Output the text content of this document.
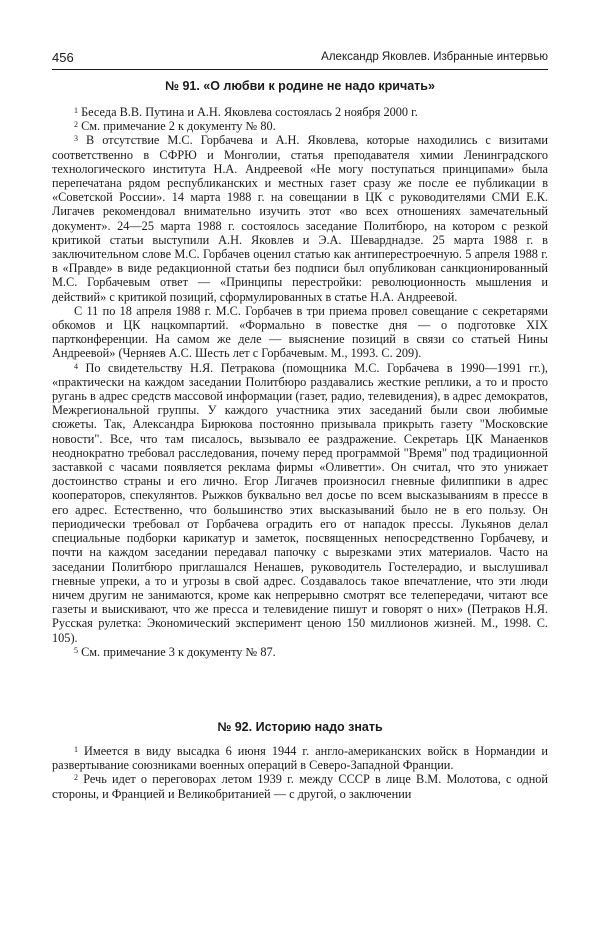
456	Александр Яковлев. Избранные интервью
№ 91. «О любви к родине не надо кричать»

$^1$ Беседа В.В. Путина и А.Н. Яковлева состоялась 2 ноября 2000 г.

$^2$ См. примечание 2 к документу № 80.

$^3$ В отсутствие М.С. Горбачева и А.Н. Яковлева, которые находились с визитами соответственно в СФРЮ и Монголии, статья преподавателя химии Ленинградского технологического института Н.А. Андреевой «Не могу поступаться принципами» была перепечатана рядом республиканских и местных газет сразу же после ее публикации в «Советской России». 14 марта 1988 г. на совещании в ЦК с руководителями СМИ Е.К. Лигачев рекомендовал внимательно изучить этот «во всех отношениях замечательный документ». 24—25 марта 1988 г. состоялось заседание Политбюро, на котором с резкой критикой статьи выступили А.Н. Яковлев и Э.А. Шеварднадзе. 25 марта 1988 г. в заключительном слове М.С. Горбачев оценил статью как антиперестроечную. 5 апреля 1988 г. в «Правде» в виде редакционной статьи без подписи был опубликован санкционированный М.С. Горбачевым ответ — «Принципы перестройки: революционность мышления и действий» с критикой позиций, сформулированных в статье Н.А. Андреевой.

С 11 по 18 апреля 1988 г. М.С. Горбачев в три приема провел совещание с секретарями обкомов и ЦК нацкомпартий. «Формально в повестке дня — о подготовке XIX партконференции. На самом же деле — выяснение позиций в связи со статьей Нины Андреевой» (Черняев А.С. Шесть лет с Горбачевым. М., 1993. С. 209).

$^4$ По свидетельству Н.Я. Петракова (помощника М.С. Горбачева в 1990—1991 гг.), «практически на каждом заседании Политбюро раздавались жесткие реплики, а то и просто ругань в адрес средств массовой информации (газет, радио, телевидения), в адрес демократов, Межрегиональной группы. У каждого участника этих заседаний были свои любимые сюжеты. Так, Александра Бирюкова постоянно призывала прикрыть газету "Московские новости". Все, что там писалось, вызывало ее раздражение. Секретарь ЦК Манаенков неоднократно требовал расследования, почему перед программой "Время" под традиционной заставкой с часами появляется реклама фирмы «Оливетти». Он считал, что это унижает достоинство страны и его лично. Егор Лигачев произносил гневные филиппики в адрес кооператоров, спекулянтов. Рыжков буквально вел досье по всем высказываниям в прессе в его адрес. Естественно, что большинство этих высказываний было не в его пользу. Он периодически требовал от Горбачева оградить его от нападок прессы. Лукьянов делал специальные подборки карикатур и заметок, посвященных непосредственно Горбачеву, и почти на каждом заседании передавал папочку с вырезками этих материалов. Часто на заседании Политбюро приглашался Ненашев, руководитель Гостелерадио, и выслушивал гневные упреки, а то и угрозы в свой адрес. Создавалось такое впечатление, что эти люди ничем другим не занимаются, кроме как непрерывно смотрят все телепередачи, читают все газеты и выискивают, что же пресса и телевидение пишут и говорят о них» (Петраков Н.Я. Русская рулетка: Экономический эксперимент ценою 150 миллионов жизней. М., 1998. С. 105).

$^5$ См. примечание 3 к документу № 87.

№ 92. Историю надо знать

$^1$ Имеется в виду высадка 6 июня 1944 г. англо-американских войск в Нормандии и развертывание союзниками военных операций в Северо-Западной Франции.

$^2$ Речь идет о переговорах летом 1939 г. между СССР в лице В.М. Молотова, с одной стороны, и Францией и Великобританией — с другой, о заключении
